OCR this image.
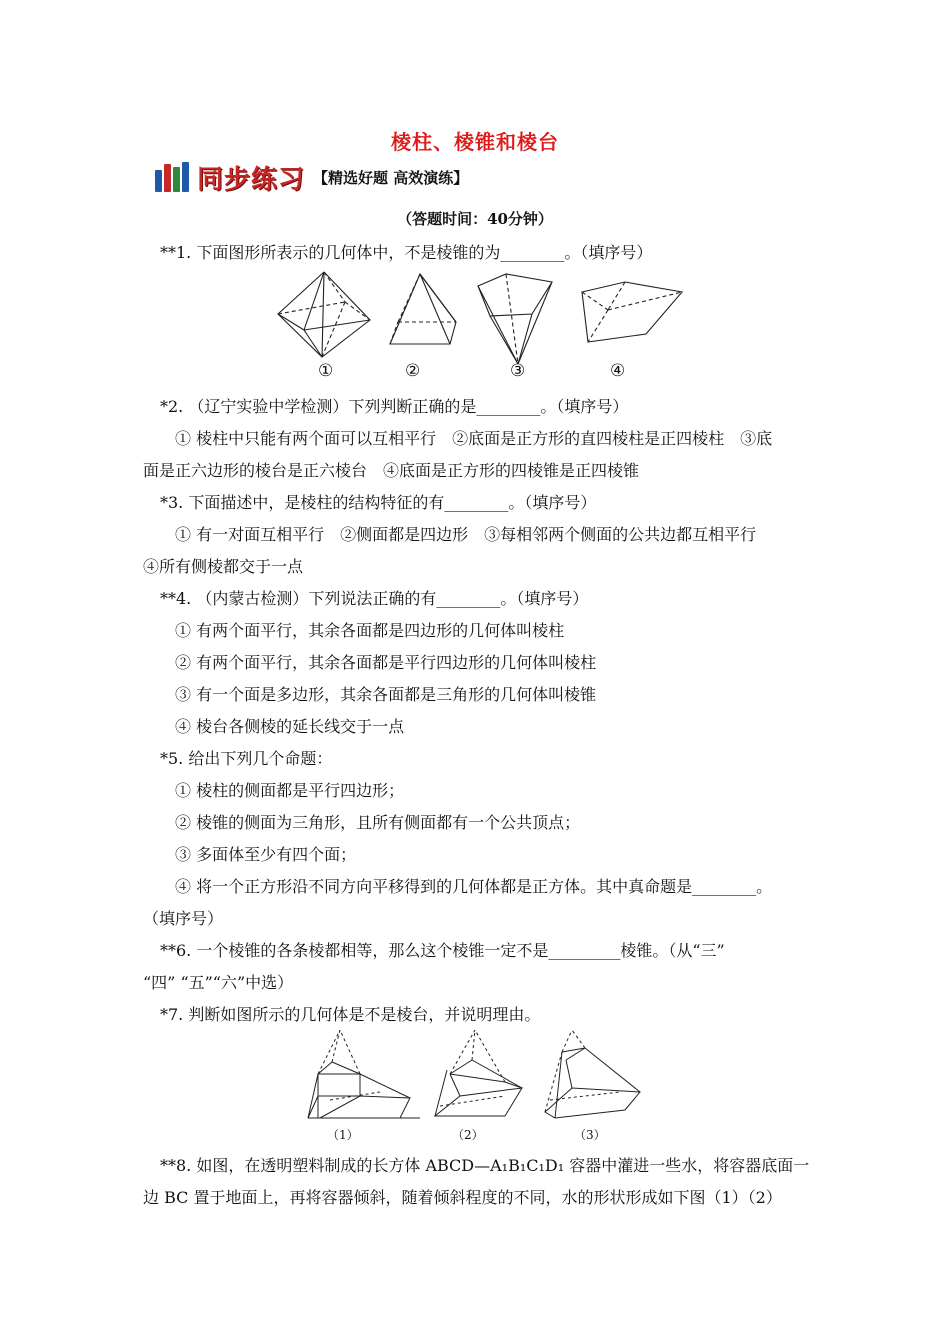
棱柱、棱锥和棱台
同步练习 【精选好题 高效演练】
（答题时间：40分钟）
**1. 下面图形所表示的几何体中，不是棱锥的为________。（填序号）
①	②	③	④
*2. （辽宁实验中学检测）下列判断正确的是________。（填序号）
① 棱柱中只能有两个面可以互相平行　②底面是正方形的直四棱柱是正四棱柱　③底
面是正六边形的棱台是正六棱台　④底面是正方形的四棱锥是正四棱锥
*3. 下面描述中，是棱柱的结构特征的有________。（填序号）
① 有一对面互相平行　②侧面都是四边形　③每相邻两个侧面的公共边都互相平行
④所有侧棱都交于一点
**4. （内蒙古检测）下列说法正确的有________。（填序号）
① 有两个面平行，其余各面都是四边形的几何体叫棱柱
② 有两个面平行，其余各面都是平行四边形的几何体叫棱柱
③ 有一个面是多边形，其余各面都是三角形的几何体叫棱锥
④ 棱台各侧棱的延长线交于一点
*5. 给出下列几个命题：
① 棱柱的侧面都是平行四边形；
② 棱锥的侧面为三角形，且所有侧面都有一个公共顶点；
③ 多面体至少有四个面；
④ 将一个正方形沿不同方向平移得到的几何体都是正方体。其中真命题是________。
（填序号）
**6. 一个棱锥的各条棱都相等，那么这个棱锥一定不是_________棱锥。（从“三”
“四” “五”“六”中选）
*7. 判断如图所示的几何体是不是棱台，并说明理由。
（1）	（2）	（3）
**8. 如图，在透明塑料制成的长方体 ABCD—A₁B₁C₁D₁ 容器中灌进一些水，将容器底面一
边 BC 置于地面上，再将容器倾斜，随着倾斜程度的不同，水的形状形成如下图（1）（2）
